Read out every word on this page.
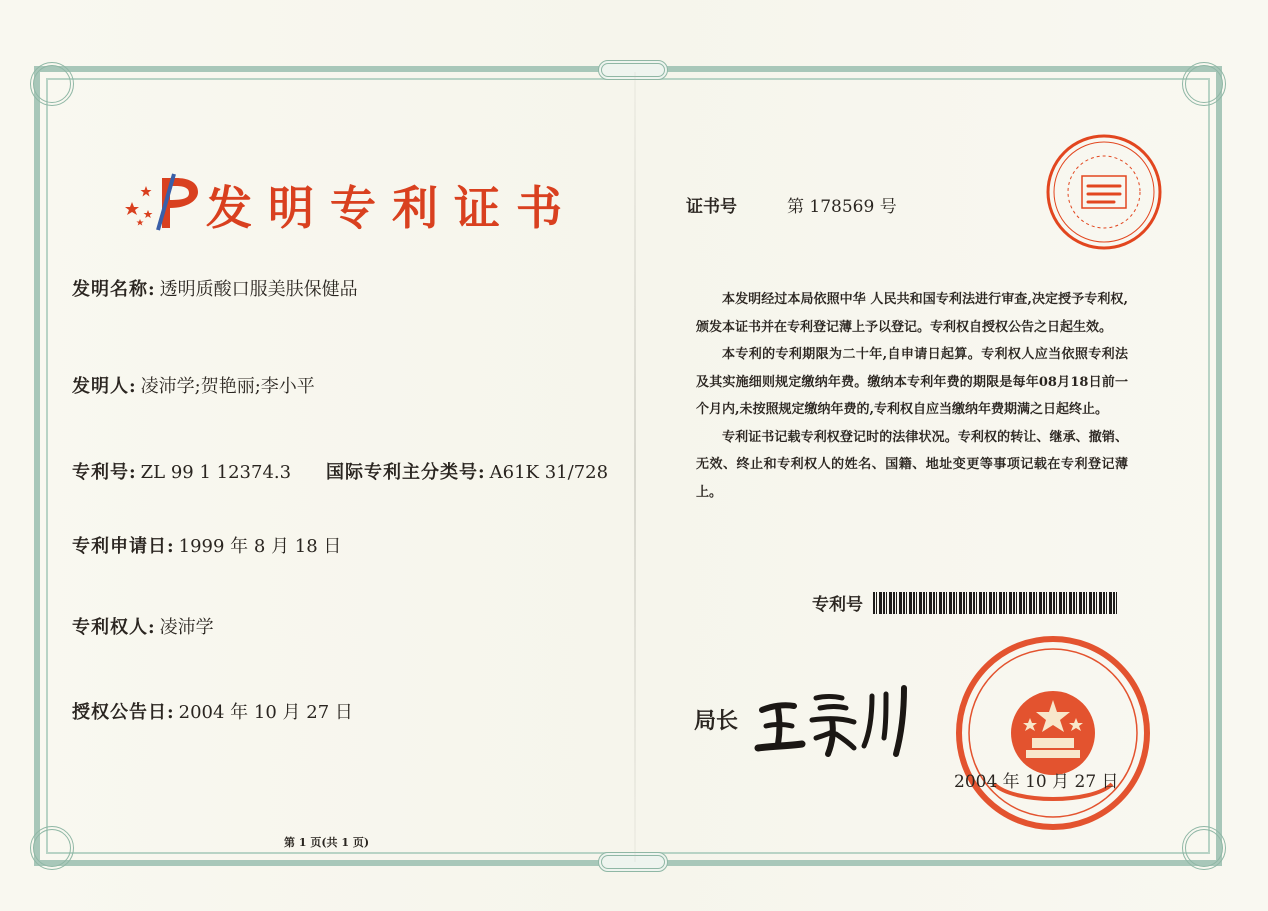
发明专利证书
发明名称: 透明质酸口服美肤保健品
发明人: 凌沛学;贺艳丽;李小平
专利号: ZL 99 1 12374.3 国际专利主分类号: A61K 31/728
专利申请日: 1999 年 8 月 18 日
专利权人: 凌沛学
授权公告日: 2004 年 10 月 27 日
第 1 页(共 1 页)
证书号	第 178569 号

本发明经过本局依照中华 人民共和国专利法进行审查,决定授予专利权,颁发本证书并在专利登记薄上予以登记。专利权自授权公告之日起生效。

本专利的专利期限为二十年,自申请日起算。专利权人应当依照专利法及其实施细则规定缴纳年费。缴纳本专利年费的期限是每年08月18日前一个月内,未按照规定缴纳年费的,专利权自应当缴纳年费期满之日起终止。

专利证书记载专利权登记时的法律状况。专利权的转让、继承、撤销、无效、终止和专利权人的姓名、国籍、地址变更等事项记载在专利登记薄上。

专利号
局长
2004 年 10 月 27 日
